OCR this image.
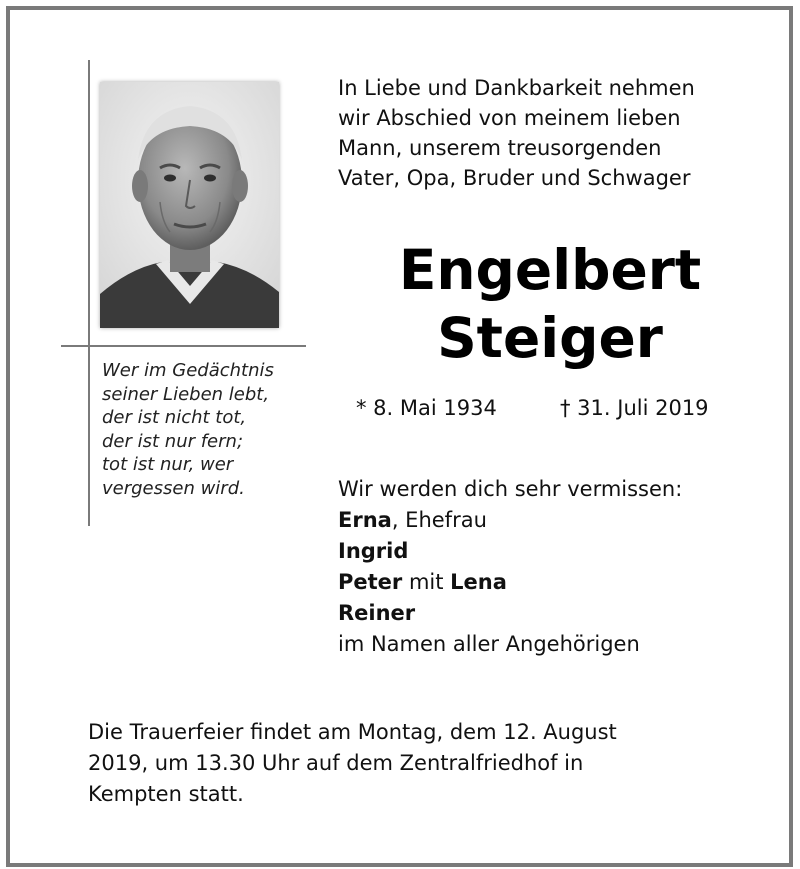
Wer im Gedächtnis
seiner Lieben lebt,
der ist nicht tot,
der ist nur fern;
tot ist nur, wer
vergessen wird.
In Liebe und Dankbarkeit nehmen
wir Abschied von meinem lieben
Mann, unserem treusorgenden
Vater, Opa, Bruder und Schwager
Engelbert
Steiger
* 8. Mai 1934	† 31. Juli 2019
Wir werden dich sehr vermissen:
Erna, Ehefrau
Ingrid
Peter mit Lena
Reiner
im Namen aller Angehörigen
Die Trauerfeier findet am Montag, dem 12. August
2019, um 13.30 Uhr auf dem Zentralfriedhof in
Kempten statt.
